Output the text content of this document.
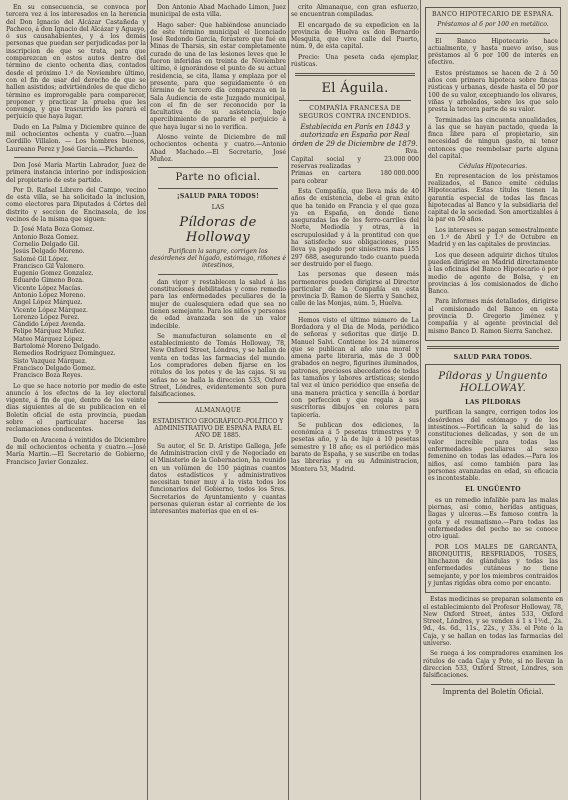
En su consecuencia, se convoca por tercera vez á los interesados en la herencia del Don Ignacio del Alcázar Castañeda y Pacheco, á don Ignacio del Alcázar y Aguayo, ó sus causahabientes, y á los demás personas que puedan ser perjudicadas por la inscripcion de que se trata, para que comparezcan en estos autos dentro del término de ciento ochenta dias, contados desde el próximo 1.º de Noviembre último, con el fin de usar del derecho de que se hallen asistidos; advirtiéndoles de que dicho término es improrogable para comparecer, proponer y practicar la prueba que les convenga, y que trascurrido les parará el perjuicio que haya lugar.

Dado en La Palma y Diciembre quince de mil ochocientos ochenta y cuatro.—Juan Gordillo Villalon. — Los hombres buenos, Laureano Perez y José García.—Pichardo.

Don José María Martin Labrador, Juez de primera instancia interino por indisposicion del propietario de este partido.

Por D. Rafael Librero del Campo, vecino de esta villa, se ha solicitado la inclusion, como electores para Diputados á Córtes del distrito y seccion de Encinasola, de los vecinos de la misma que siguen:

D. José Mata Boza Gomez.
Antonio Boza Gomez.
Cornelio Delgado Gil.
Jesús Delgado Moreno.
Salomé Gil López.
Francisco Gil Valonero.
Eugenio Gomez Gonzalez.
Eduardo Gimeno Boza.
Vicente López Macías.
Antonio López Moreno.
Angel López Márquez.
Vicente López Márquez.
Lorenzo López Perez.
Cándido López Avenda.
Felipe Márquez Muñez.
Mateo Márquez López.
Bartolomé Moreno Delgado.
Remedios Rodríguez Domínguez.
Sisto Vazquez Márquez.
Francisco Delgado Gomez.
Francisco Boza Reyes.

Lo que se hace notorio por medio de este anuncio á los efectos de la ley electoral vigente, á fin de que, dentro de los veinte dias siguientes al de su publicacion en el Boletín oficial de esta provincia, puedan sobre el particular hacerse las reclamaciones conducentes.

Dado en Aracena á veintidos de Diciembre de mil ochocientos ochenta y cuatro.—José María Martin.—El Secretario de Gobierno, Francisco Javier Gonzalez.

Don Antonio Abad Machado Limon, Juez municipal de esta villa.

Hago saber: Que habiéndose anunciado de este término municipal el licenciado José Redondo García, forastero que fué en Minas de Tharsis, sin estar completamente curado de una de las lesiones leves que le fueron inferidas en treinta de Noviembre último, é ignorándose el punto de su actual residencia, se cita, llama y emplaza por el presente, para que seguidamente ó en término de tercero día comparezca en la Sala Audiencia de este Juzgado municipal, con el fin de ser reconocido por la facultativa de su asistencia, bajo apercibimiento de pararle el perjuicio á que haya lugar si no lo verifica.

Alosno veinte de Diciembre de mil ochocientos ochenta y cuatro.—Antonio Abad Machado.—El Secretario, José Muñoz.

Parte no oficial.
¡SALUD PARA TODOS!
LAS
Píldoras de Holloway
Purifican la sangre, corrigen los desórdenes del hígado, estómago, riñones é intestinos,

dan vigor y restablecen la salud á las constituciones debilitadas y como remedio para las enfermedades peculiares de la mujer de cualesquiera edad que sea no tienen semejante. Para los niños y personas de edad avanzada son de un valor indecible.

Se manufacturan solamente en el establecimiento de Tomás Holloway, 78, New Oxford Street, Lóndres, y se hallan de venta en todas las farmacias del mundo. Los compradores deben fijarse en los rótulos de los potes y de las cajas. Si su señas no se halla la direccion 533, Oxford Street, Lóndres, evidentemente son pura falsificaciones.

ALMANAQUE
ESTADISTICO GEOGRÁFICO-POLÍTICO Y ADMINISTRATIVO DE ESPAÑA PARA EL AÑO DE 1885.

Su autor, el Sr. D. Aristipo Gallega, Jefe de Administracion civil y de Negociado en el Ministerio de la Gobernacion, ha reunido en un volúmen de 150 páginas cuantos datos estadísticos y administrativos necesitan tener muy á la vista todos los funcionarios del Gobierno, todos los Sres. Secretarios de Ayuntamiento y cuantas personas quieran estar al corriente de los interesantes materias que en el es-

crito Almanaque, con gran esfuerzo, se encuentran compiladas.

El encargado de su expedicion en la provincia de Huelva es don Bernardo Mesquita, que vive calle del Puerto, núm. 9, de esta capital.

Precio: Una peseta cada ejemplar, rústicas.

El Águila.
COMPAÑÍA FRANCESA DE SEGUROS CONTRA INCENDIOS.
Establecida en París en 1843 y autorizada en España por Real órden de 29 de Diciembre de 1879.
Rva.
Capital social y reservas realizadas
23.000 000
Primas en cartera para cobrar
180 000.000

Esta Compañía, que lleva más de 40 años de existencia, debe el gran éxito que ha tenido en Francia y el que goza ya en España, en donde tiene aseguradas las de los ferro-carriles del Norte, Mediodía y otras, á la escrupulosidad y á la prontitud con que ha satisfecho sus obligaciones, pues lleva ya pagado por siniestros mas 155 297 688, asegurando todo cuanto pueda ser destruido por el fuego.

Las personas que deseen más pormenores pueden dirigirse al Director particular de la Compañía en esta provincia D. Ramon de Sierra y Sanchez, calle de las Monjas, núm. 5, Huelva.

Hemos visto el último número de La Bordadora y el Dia de Moda, periódico de señoras y señoritas que dirije D. Manuel Salvi. Contiene los 24 números que se publican al año una moral y amena parte literaria, más de 3 000 grabados en negro, figurines iluminados, patrones, preciosos abecedarios de todas las tamaños y labores artísticas; siendo tal vez el único periódico que enseña de una manera práctica y sencilla á bordar con perfeccion y que regala á sus suscritoras dibujos en colores para tapicería.

Se publican dos ediciones, la económica á 5 pesetas trimestres y 9 pesetas año, y la de lujo á 10 pesetas semestre y 18 año; es el periódico más barato de España, y se suscribe en todas las librerías y en su Administracion, Montera 53, Madrid.

BANCO HIPOTECARIO DE ESPAÑA.
Préstamos al 6 por 100 en metálico.

El Banco Hipotecario hace actualmente, y hasta nuevo aviso, sus préstamos al 6 por 100 de interés en efectivo.

Estos préstamos se hacen de 2 á 50 años con primera hipoteca sobre fincas rústicas y urbanas, desde hasta el 50 por 100 de su valor, exceptuando los olivares, viñas y arbolados, sobre los que solo presta la tercera parte de su valor.

Terminadas las cincuenta anualidades, á las que se hayan pactado, queda la finca libre para el propietario, sin necesidad de ningun gasto, ni tener entonces que reembolsar parte alguna del capital.

Cédulas Hipotecarias.

En representacion de los préstamos realizados, el Banco emite cédulas Hipotecarias. Estas títulos tienen la garantía especial de todas las fincas hipotecadas al Banco y la subsidiaria del capital de la sociedad. Son amortizables á la par en 50 años.

Los intereses se pagan semestralmente en 1.º de Abril y 1.º de Octubre en Madrid y en las capitales de provincias.

Los que deseen adquirir dichos títulos pueden dirigirse en Madrid directamente á las oficinas del Banco Hipotecario ó por medio de agente de Bolsa, y en provincias á los comisionados de dicho Banco.

Para informes más detallados, dirigirse al comisionado del Banco en esta provincia D. Gregorio Jiménez y compañía y al agente provincial del mismo Banco D. Ramon Sierra Sanchez.

SALUD PARA TODOS.
Píldoras y Unguento HOLLOWAY.
LAS PÍLDORAS

purifican la sangre, corrigen todos los desórdenes del estómago y de los intestinos.—Fortifican la salud de las constituciones delicadas, y son de un valor increíble para todas las enfermedades peculiares al sexo femenino en todas las edades.—Para los niños, así como también para las personas avanzadas en edad, su eficacia es incontestable.

EL UNGÜENTO

es un remedio infalible para las malas piernas, así como, heridas antiguas, llagas y ulceras.—Es famoso contra la gota y el reumatismo.—Para todas las enfermedades del pecho no se conoce otro igual.

POR LOS MALES DE GARGANTA, BRONQUITIS, RESFRIADOS, TOSES, hinchazon de glándulas y todas las enfermedades cutáneas no tiene semejante, y por los miembros contraidos y juntas rigidas obra como por encanto.

Estas medicinas se preparan solamente en el establecimiento del Profesor Holloway, 78, New Oxford Street, ántes 533, Oxford Street, Lóndres, y se venden á 1 s 1½d., 2s. 9d., 4s. 6d., 11s., 22s., y 33s. el Pote ó la Caja, y se hallan en todas las farmacias del universo.

Se ruega á los compradores examinen los rótulos de cada Caja y Pote, si no llevan la direccion 533, Oxford Street, Lóndres, son falsificaciones.

Imprenta del Boletín Oficial.
